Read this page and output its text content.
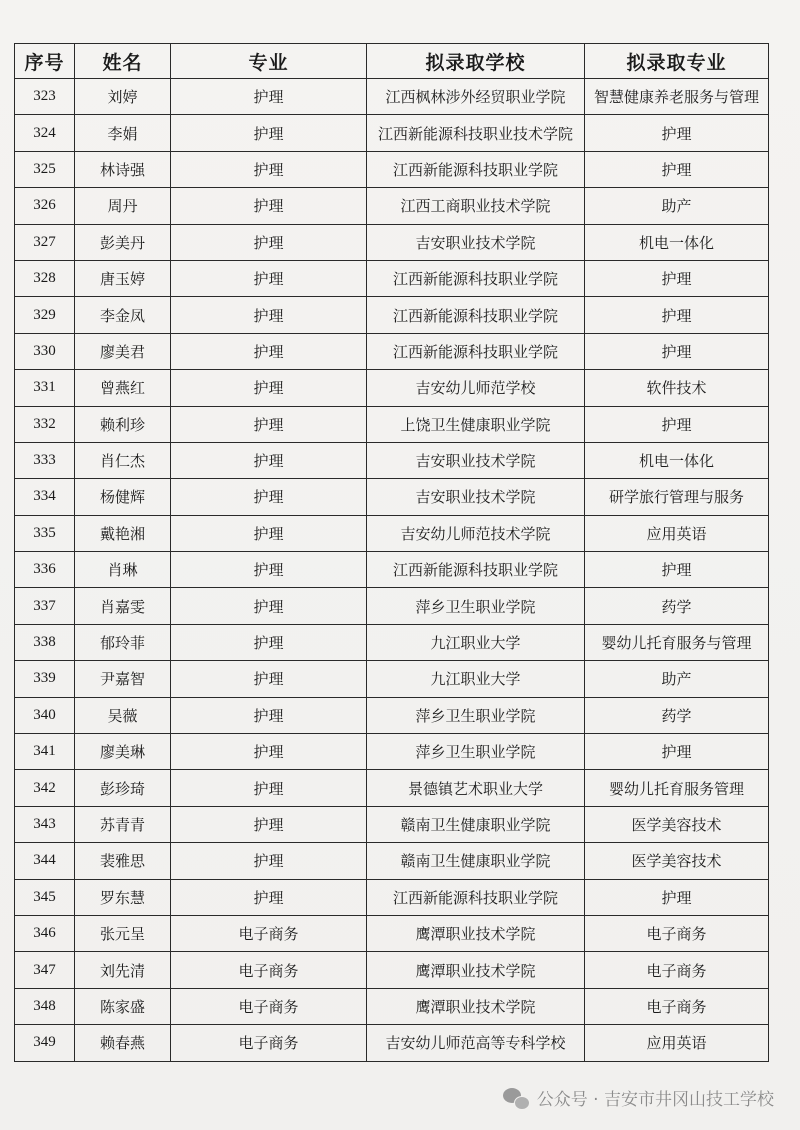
序号	姓名	专业	拟录取学校	拟录取专业
323	刘婷	护理	江西枫林涉外经贸职业学院	智慧健康养老服务与管理
324	李娟	护理	江西新能源科技职业技术学院	护理
325	林诗强	护理	江西新能源科技职业学院	护理
326	周丹	护理	江西工商职业技术学院	助产
327	彭美丹	护理	吉安职业技术学院	机电一体化
328	唐玉婷	护理	江西新能源科技职业学院	护理
329	李金凤	护理	江西新能源科技职业学院	护理
330	廖美君	护理	江西新能源科技职业学院	护理
331	曾燕红	护理	吉安幼儿师范学校	软件技术
332	赖利珍	护理	上饶卫生健康职业学院	护理
333	肖仁杰	护理	吉安职业技术学院	机电一体化
334	杨健辉	护理	吉安职业技术学院	研学旅行管理与服务
335	戴艳湘	护理	吉安幼儿师范技术学院	应用英语
336	肖琳	护理	江西新能源科技职业学院	护理
337	肖嘉雯	护理	萍乡卫生职业学院	药学
338	郁玲菲	护理	九江职业大学	婴幼儿托育服务与管理
339	尹嘉智	护理	九江职业大学	助产
340	吴薇	护理	萍乡卫生职业学院	药学
341	廖美琳	护理	萍乡卫生职业学院	护理
342	彭珍琦	护理	景德镇艺术职业大学	婴幼儿托育服务管理
343	苏青青	护理	赣南卫生健康职业学院	医学美容技术
344	裴雅思	护理	赣南卫生健康职业学院	医学美容技术
345	罗东慧	护理	江西新能源科技职业学院	护理
346	张元呈	电子商务	鹰潭职业技术学院	电子商务
347	刘先清	电子商务	鹰潭职业技术学院	电子商务
348	陈家盛	电子商务	鹰潭职业技术学院	电子商务
349	赖春燕	电子商务	吉安幼儿师范高等专科学校	应用英语
公众号 · 吉安市井冈山技工学校
